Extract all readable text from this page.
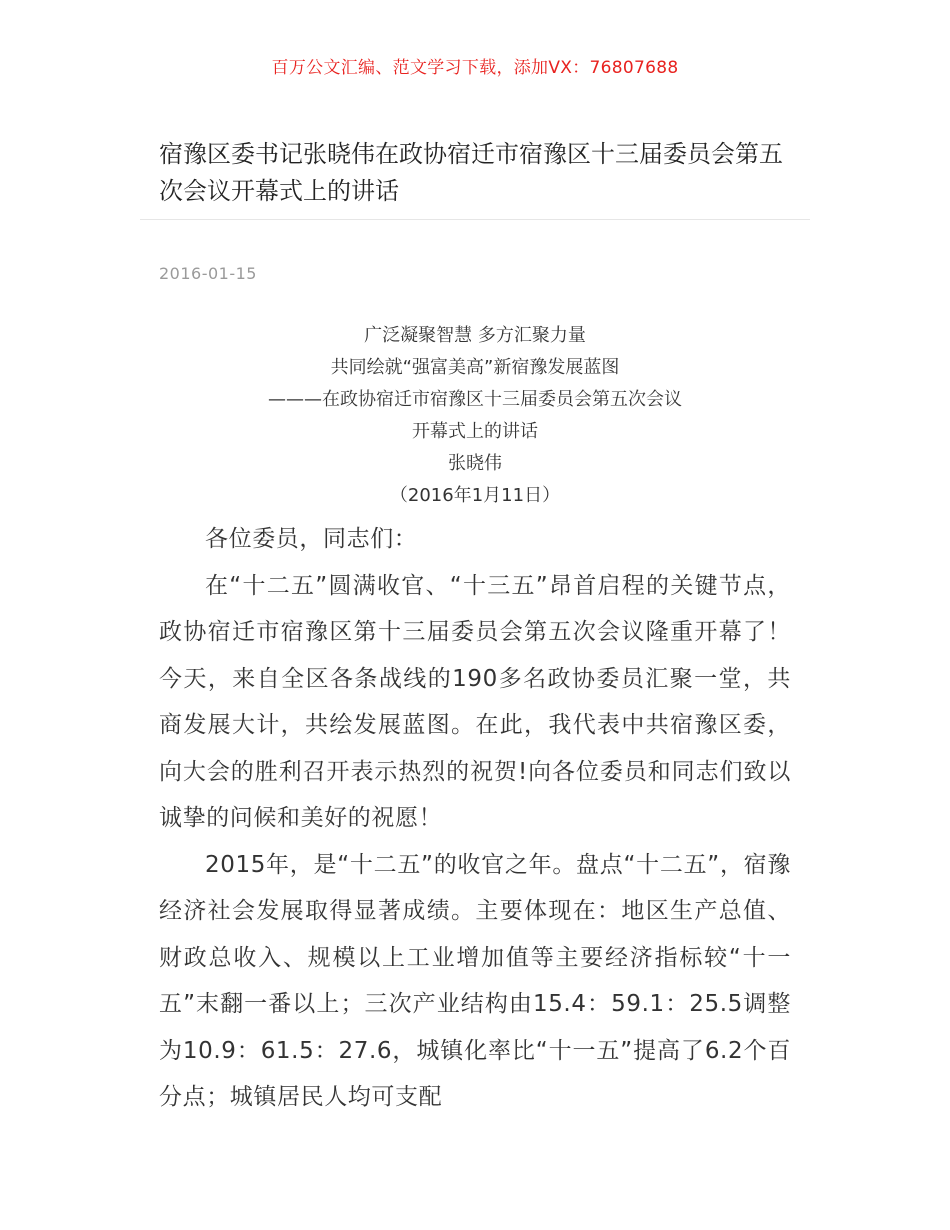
百万公文汇编、范文学习下载，添加VX：76807688
宿豫区委书记张晓伟在政协宿迁市宿豫区十三届委员会第五次会议开幕式上的讲话
2016-01-15
广泛凝聚智慧 多方汇聚力量
共同绘就“强富美高”新宿豫发展蓝图
———在政协宿迁市宿豫区十三届委员会第五次会议
开幕式上的讲话
张晓伟
（2016年1月11日）

各位委员，同志们：

在“十二五”圆满收官、“十三五”昂首启程的关键节点，政协宿迁市宿豫区第十三届委员会第五次会议隆重开幕了！今天，来自全区各条战线的190多名政协委员汇聚一堂，共商发展大计，共绘发展蓝图。在此，我代表中共宿豫区委，向大会的胜利召开表示热烈的祝贺!向各位委员和同志们致以诚挚的问候和美好的祝愿！

2015年，是“十二五”的收官之年。盘点“十二五”，宿豫经济社会发展取得显著成绩。主要体现在：地区生产总值、财政总收入、规模以上工业增加值等主要经济指标较“十一五”末翻一番以上；三次产业结构由15.4：59.1：25.5调整为10.9：61.5：27.6，城镇化率比“十一五”提高了6.2个百分点；城镇居民人均可支配
